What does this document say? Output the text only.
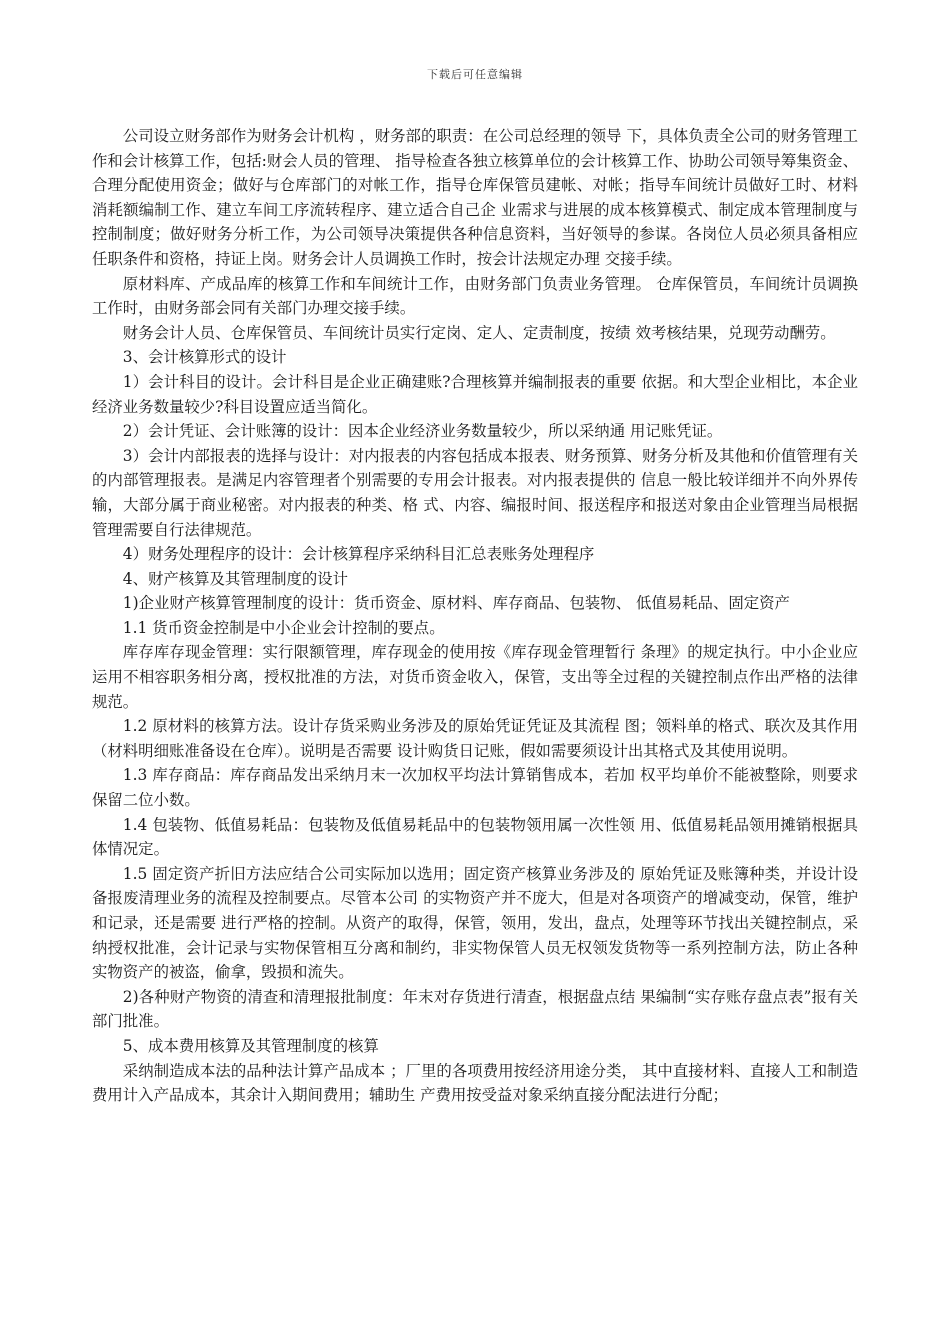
下载后可任意编辑

公司设立财务部作为财务会计机构 ，财务部的职责：在公司总经理的领导 下，具体负责全公司的财务管理工作和会计核算工作，包括:财会人员的管理、 指导检查各独立核算单位的会计核算工作、协助公司领导筹集资金、合理分配使用资金；做好与仓库部门的对帐工作，指导仓库保管员建帐、对帐；指导车间统计员做好工时、材料消耗额编制工作、建立车间工序流转程序、建立适合自己企 业需求与进展的成本核算模式、制定成本管理制度与控制制度；做好财务分析工作，为公司领导决策提供各种信息资料，当好领导的参谋。各岗位人员必须具备相应任职条件和资格，持证上岗。财务会计人员调换工作时，按会计法规定办理 交接手续。

原材料库、产成品库的核算工作和车间统计工作，由财务部门负责业务管理。 仓库保管员，车间统计员调换工作时，由财务部会同有关部门办理交接手续。

财务会计人员、仓库保管员、车间统计员实行定岗、定人、定责制度，按绩 效考核结果，兑现劳动酬劳。

3、会计核算形式的设计

1）会计科目的设计。会计科目是企业正确建账?合理核算并编制报表的重要 依据。和大型企业相比，本企业经济业务数量较少?科目设置应适当简化。

2）会计凭证、会计账簿的设计：因本企业经济业务数量较少，所以采纳通 用记账凭证。

3）会计内部报表的选择与设计：对内报表的内容包括成本报表、财务预算、财务分析及其他和价值管理有关的内部管理报表。是满足内容管理者个别需要的专用会计报表。对内报表提供的 信息一般比较详细并不向外界传输，大部分属于商业秘密。对内报表的种类、格 式、内容、编报时间、报送程序和报送对象由企业管理当局根据管理需要自行法律规范。

4）财务处理程序的设计：会计核算程序采纳科目汇总表账务处理程序

4、财产核算及其管理制度的设计

1)企业财产核算管理制度的设计：货币资金、原材料、库存商品、包装物、 低值易耗品、固定资产

1.1 货币资金控制是中小企业会计控制的要点。

库存库存现金管理：实行限额管理，库存现金的使用按《库存现金管理暂行 条理》的规定执行。中小企业应运用不相容职务相分离，授权批准的方法，对货币资金收入，保管，支出等全过程的关键控制点作出严格的法律规范。

1.2 原材料的核算方法。设计存货采购业务涉及的原始凭证凭证及其流程 图；领料单的格式、联次及其作用（材料明细账准备设在仓库）。说明是否需要 设计购货日记账，假如需要须设计出其格式及其使用说明。

1.3 库存商品：库存商品发出采纳月末一次加权平均法计算销售成本，若加 权平均单价不能被整除，则要求保留二位小数。

1.4 包装物、低值易耗品：包装物及低值易耗品中的包装物领用属一次性领 用、低值易耗品领用摊销根据具体情况定。

1.5 固定资产折旧方法应结合公司实际加以选用；固定资产核算业务涉及的 原始凭证及账簿种类，并设计设备报废清理业务的流程及控制要点。尽管本公司 的实物资产并不庞大，但是对各项资产的增减变动，保管，维护和记录，还是需要 进行严格的控制。从资产的取得，保管，领用，发出，盘点，处理等环节找出关键控制点，采纳授权批准，会计记录与实物保管相互分离和制约，非实物保管人员无权领发货物等一系列控制方法，防止各种实物资产的被盗，偷拿，毁损和流失。

2)各种财产物资的清查和清理报批制度：年末对存货进行清查，根据盘点结 果编制“实存账存盘点表”报有关部门批准。

5、成本费用核算及其管理制度的核算

采纳制造成本法的品种法计算产品成本 ；厂里的各项费用按经济用途分类， 其中直接材料、直接人工和制造费用计入产品成本，其余计入期间费用；辅助生 产费用按受益对象采纳直接分配法进行分配；
